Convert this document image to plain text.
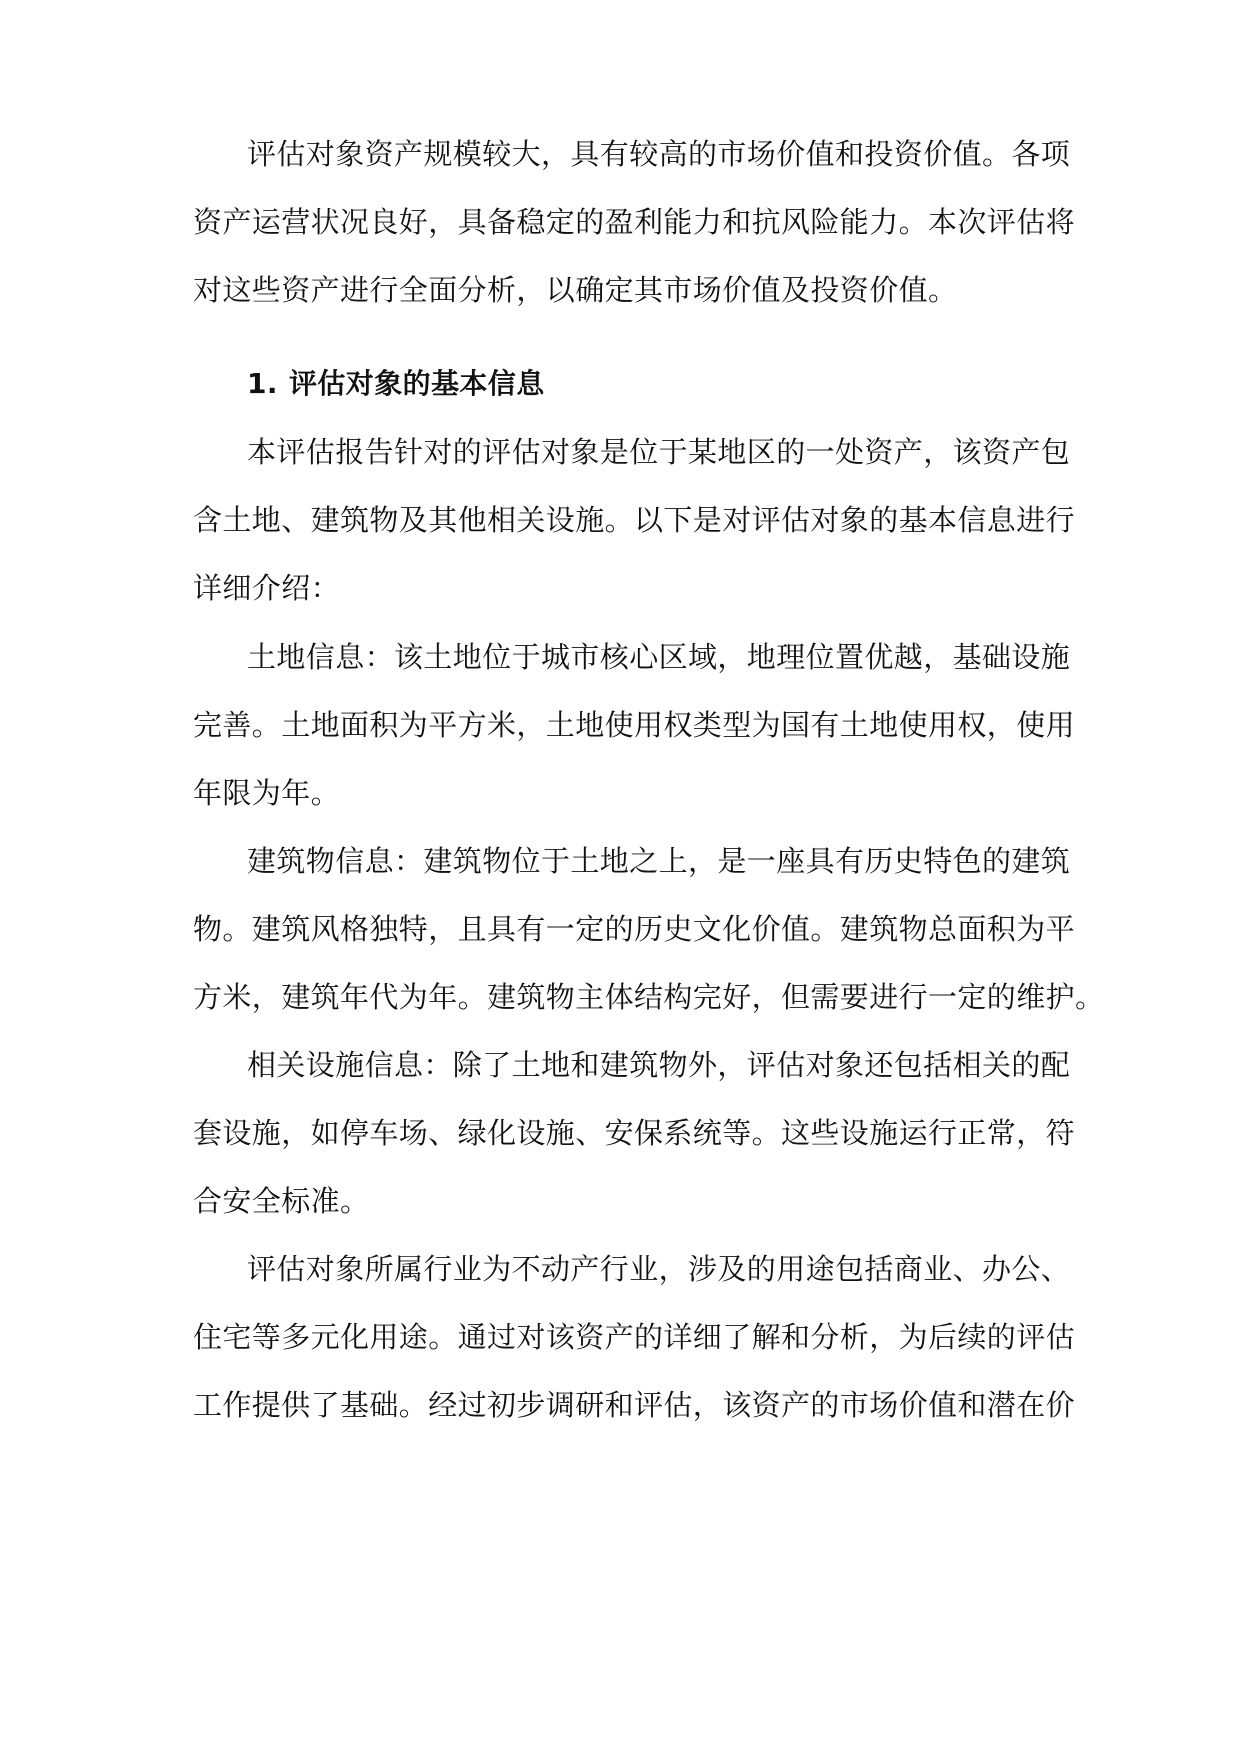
评估对象资产规模较大，具有较高的市场价值和投资价值。各项
资产运营状况良好，具备稳定的盈利能力和抗风险能力。本次评估将
对这些资产进行全面分析，以确定其市场价值及投资价值。
1. 评估对象的基本信息
本评估报告针对的评估对象是位于某地区的一处资产，该资产包
含土地、建筑物及其他相关设施。以下是对评估对象的基本信息进行
详细介绍：
土地信息：该土地位于城市核心区域，地理位置优越，基础设施
完善。土地面积为平方米，土地使用权类型为国有土地使用权，使用
年限为年。
建筑物信息：建筑物位于土地之上，是一座具有历史特色的建筑
物。建筑风格独特，且具有一定的历史文化价值。建筑物总面积为平
方米，建筑年代为年。建筑物主体结构完好，但需要进行一定的维护。
相关设施信息：除了土地和建筑物外，评估对象还包括相关的配
套设施，如停车场、绿化设施、安保系统等。这些设施运行正常，符
合安全标准。
评估对象所属行业为不动产行业，涉及的用途包括商业、办公、
住宅等多元化用途。通过对该资产的详细了解和分析，为后续的评估
工作提供了基础。经过初步调研和评估，该资产的市场价值和潜在价
